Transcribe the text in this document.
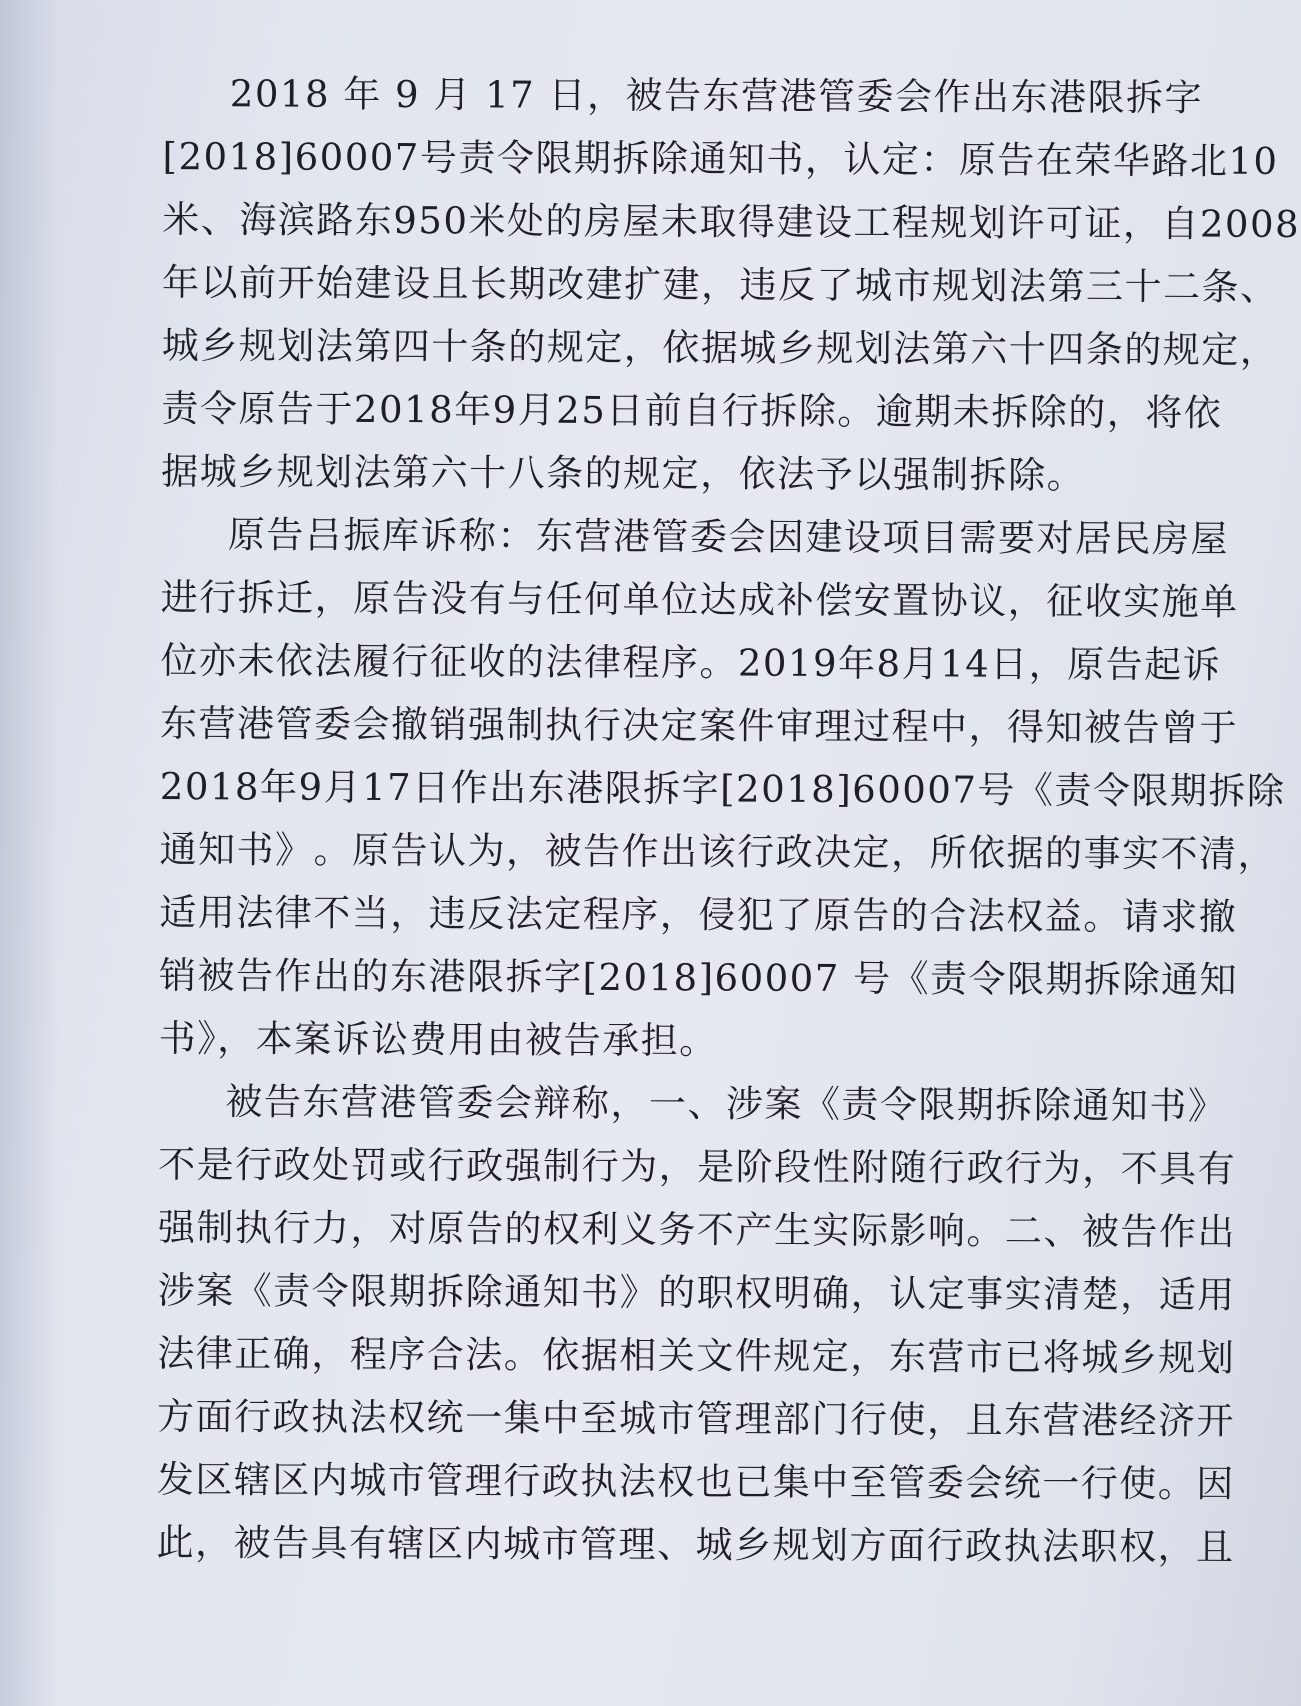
2 0 1 8
年
9
月
1 7
日 ， 被 告 东 营 港 管 委 会 作 出 东 港 限 拆 字
[ 2 0 1 8 ] 6 0 0 0 7 号 责 令 限 期 拆 除 通 知 书 ， 认 定 ： 原 告 在 荣 华 路 北 1 0
米 、 海 滨 路 东 9 5 0 米 处 的 房 屋 未 取 得 建 设 工 程 规 划 许 可 证 ， 自 2 0 0 8
年 以 前 开 始 建 设 且 长 期 改 建 扩 建 ， 违 反 了 城 市 规 划 法 第 三 十 二 条 、
城 乡 规 划 法 第 四 十 条 的 规 定 ， 依 据 城 乡 规 划 法 第 六 十 四 条 的 规 定 ，
责 令 原 告 于 2 0 1 8 年 9 月 2 5 日 前 自 行 拆 除 。 逾 期 未 拆 除 的 ， 将 依
据城乡规划法第六十八条的规定，依法予以强制拆除。
原 告 吕 振 库 诉 称 ： 东 营 港 管 委 会 因 建 设 项 目 需 要 对 居 民 房 屋
进 行 拆 迁 ， 原 告 没 有 与 任 何 单 位 达 成 补 偿 安 置 协 议 ， 征 收 实 施 单
位 亦 未 依 法 履 行 征 收 的 法 律 程 序 。 2 0 1 9 年 8 月 1 4 日 ， 原 告 起 诉
东 营 港 管 委 会 撤 销 强 制 执 行 决 定 案 件 审 理 过 程 中 ， 得 知 被 告 曾 于
2 0 1 8 年 9 月 1 7 日 作 出 东 港 限 拆 字 [ 2 0 1 8 ] 6 0 0 0 7 号 《 责 令 限 期 拆 除
通 知 书 》 。 原 告 认 为 ， 被 告 作 出 该 行 政 决 定 ， 所 依 据 的 事 实 不 清 ，
适 用 法 律 不 当 ， 违 反 法 定 程 序 ， 侵 犯 了 原 告 的 合 法 权 益 。 请 求 撤
销 被 告 作 出 的 东 港 限 拆 字 [ 2 0 1 8 ] 6 0 0 0 7
号 《 责 令 限 期 拆 除 通 知
书》，本案诉讼费用由被告承担。
被 告 东 营 港 管 委 会 辩 称 ， 一 、 涉 案 《 责 令 限 期 拆 除 通 知 书 》
不 是 行 政 处 罚 或 行 政 强 制 行 为 ， 是 阶 段 性 附 随 行 政 行 为 ， 不 具 有
强 制 执 行 力 ， 对 原 告 的 权 利 义 务 不 产 生 实 际 影 响 。 二 、 被 告 作 出
涉 案 《 责 令 限 期 拆 除 通 知 书 》 的 职 权 明 确 ， 认 定 事 实 清 楚 ， 适 用
法 律 正 确 ， 程 序 合 法 。 依 据 相 关 文 件 规 定 ， 东 营 市 已 将 城 乡 规 划
方 面 行 政 执 法 权 统 一 集 中 至 城 市 管 理 部 门 行 使 ， 且 东 营 港 经 济 开
发 区 辖 区 内 城 市 管 理 行 政 执 法 权 也 已 集 中 至 管 委 会 统 一 行 使 。 因
此 ， 被 告 具 有 辖 区 内 城 市 管 理 、 城 乡 规 划 方 面 行 政 执 法 职 权 ， 且
